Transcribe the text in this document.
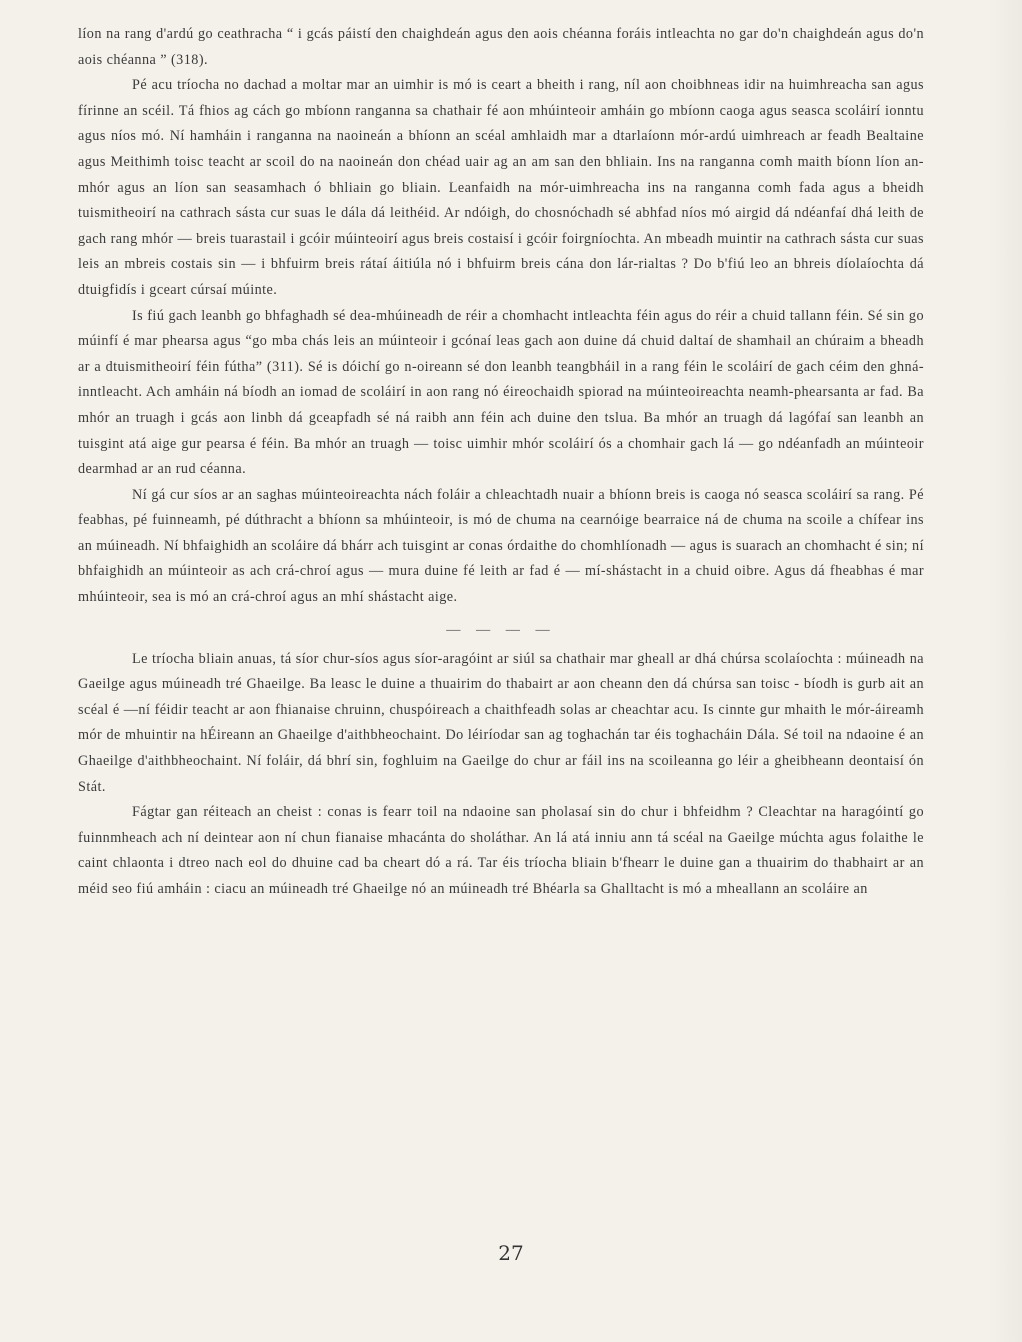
líon na rang d'ardú go ceathracha “ i gcás páistí den chaighdeán agus den aois chéanna foráis intleachta no gar do'n chaighdeán agus do'n aois chéanna ” (318).

Pé acu tríocha no dachad a moltar mar an uimhir is mó is ceart a bheith i rang, níl aon choibhneas idir na huimhreacha san agus fírinne an scéil. Tá fhios ag cách go mbíonn ranganna sa chathair fé aon mhúinteoir amháin go mbíonn caoga agus seasca scoláirí ionntu agus níos mó. Ní hamháin i ranganna na naoineán a bhíonn an scéal amhlaidh mar a dtarlaíonn mór-ardú uimhreach ar feadh Bealtaine agus Meithimh toisc teacht ar scoil do na naoineán don chéad uair ag an am san den bhliain. Ins na ranganna comh maith bíonn líon an-mhór agus an líon san seasamhach ó bhliain go bliain. Leanfaidh na mór-uimhreacha ins na ranganna comh fada agus a bheidh tuismitheoirí na cathrach sásta cur suas le dála dá leithéid. Ar ndóigh, do chosnóchadh sé abhfad níos mó airgid dá ndéanfaí dhá leith de gach rang mhór — breis tuarastail i gcóir múinteoirí agus breis costaisí i gcóir foirgníochta. An mbeadh muintir na cathrach sásta cur suas leis an mbreis costais sin — i bhfuirm breis rátaí áitiúla nó i bhfuirm breis cána don lár-rialtas ? Do b'fiú leo an bhreis díolaíochta dá dtuigfidís i gceart cúrsaí múinte.

Is fiú gach leanbh go bhfaghadh sé dea-mhúineadh de réir a chomhacht intleachta féin agus do réir a chuid tallann féin. Sé sin go múinfí é mar phearsa agus “go mba chás leis an múinteoir i gcónaí leas gach aon duine dá chuid daltaí de shamhail an chúraim a bheadh ar a dtuismitheoirí féin fútha” (311). Sé is dóichí go n-oireann sé don leanbh teangbháil in a rang féin le scoláirí de gach céim den ghná-inntleacht. Ach amháin ná bíodh an iomad de scoláirí in aon rang nó éireochaidh spiorad na múinteoireachta neamh-phearsanta ar fad. Ba mhór an truagh i gcás aon linbh dá gceapfadh sé ná raibh ann féin ach duine den tslua. Ba mhór an truagh dá lagófaí san leanbh an tuisgint atá aige gur pearsa é féin. Ba mhór an truagh — toisc uimhir mhór scoláirí ós a chomhair gach lá — go ndéanfadh an múinteoir dearmhad ar an rud céanna.

Ní gá cur síos ar an saghas múinteoireachta nách foláir a chleachtadh nuair a bhíonn breis is caoga nó seasca scoláirí sa rang. Pé feabhas, pé fuinneamh, pé dúthracht a bhíonn sa mhúinteoir, is mó de chuma na cearnóige bearraice ná de chuma na scoile a chífear ins an múineadh. Ní bhfaighidh an scoláire dá bhárr ach tuisgint ar conas órdaithe do chomhlíonadh — agus is suarach an chomhacht é sin; ní bhfaighidh an múinteoir as ach crá-chroí agus — mura duine fé leith ar fad é — mí-shástacht in a chuid oibre. Agus dá fheabhas é mar mhúinteoir, sea is mó an crá-chroí agus an mhí shástacht aige.

— — — —

Le tríocha bliain anuas, tá síor chur-síos agus síor-aragóint ar siúl sa chathair mar gheall ar dhá chúrsa scolaíochta : múineadh na Gaeilge agus múineadh tré Ghaeilge. Ba leasc le duine a thuairim do thabairt ar aon cheann den dá chúrsa san toisc - bíodh is gurb ait an scéal é —ní féidir teacht ar aon fhianaise chruinn, chuspóireach a chaithfeadh solas ar cheachtar acu. Is cinnte gur mhaith le mór-áireamh mór de mhuintir na hÉireann an Ghaeilge d'aithbheochaint. Do léiríodar san ag toghachán tar éis toghacháin Dála. Sé toil na ndaoine é an Ghaeilge d'aithbheochaint. Ní foláir, dá bhrí sin, foghluim na Gaeilge do chur ar fáil ins na scoileanna go léir a gheibheann deontaisí ón Stát.

Fágtar gan réiteach an cheist : conas is fearr toil na ndaoine san pholasaí sin do chur i bhfeidhm ? Cleachtar na haragóintí go fuinnmheach ach ní deintear aon ní chun fianaise mhacánta do sholáthar. An lá atá inniu ann tá scéal na Gaeilge múchta agus folaithe le caint chlaonta i dtreo nach eol do dhuine cad ba cheart dó a rá. Tar éis tríocha bliain b'fhearr le duine gan a thuairim do thabhairt ar an méid seo fiú amháin : ciacu an múineadh tré Ghaeilge nó an múineadh tré Bhéarla sa Ghalltacht is mó a mheallann an scoláire an

27
